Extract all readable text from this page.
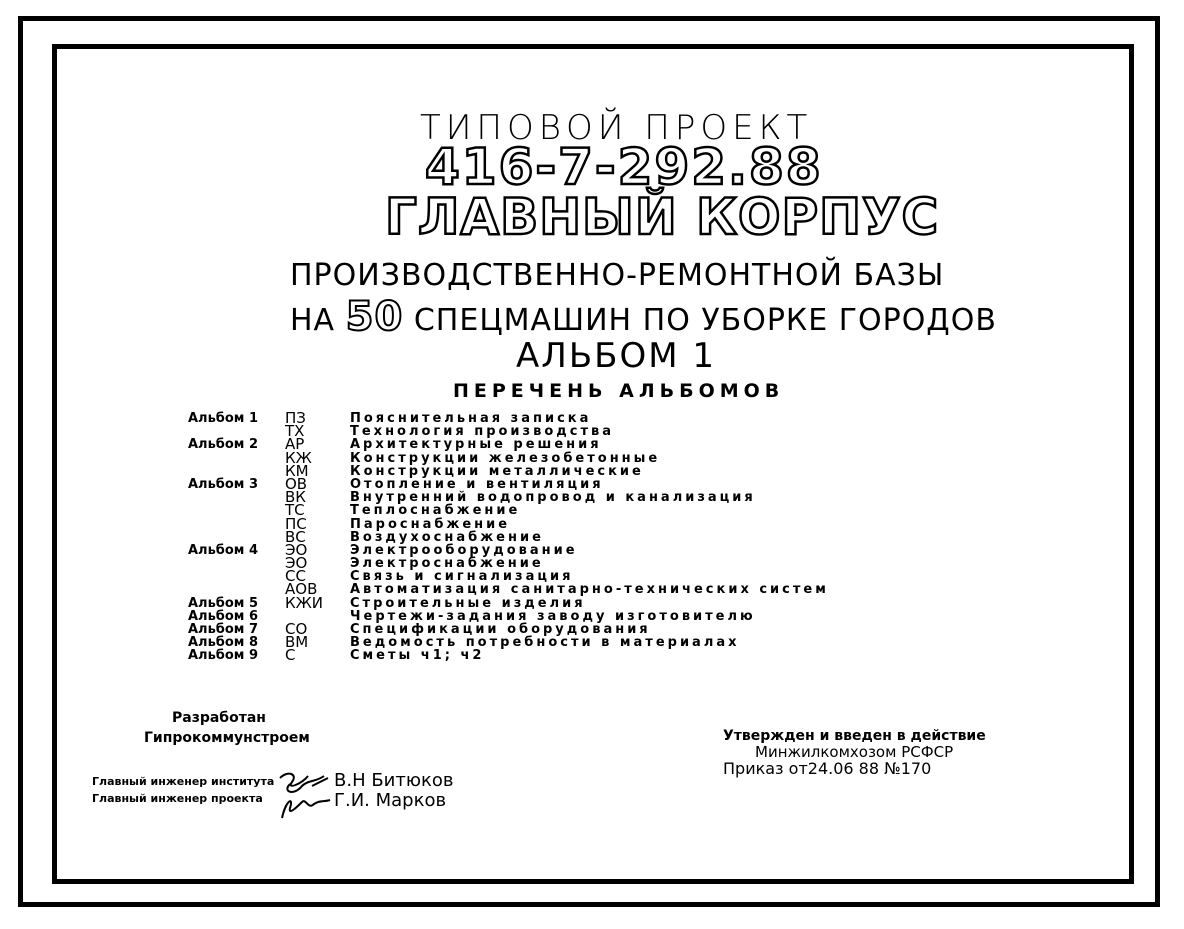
ТИПОВОЙ ПРОЕКТ
416-7-292.88
ГЛАВНЫЙ КОРПУС
ПРОИЗВОДСТВЕННО-РЕМОНТНОЙ БАЗЫ
НА 50 СПЕЦМАШИН ПО УБОРКЕ ГОРОДОВ
АЛЬБОМ 1
ПЕРЕЧЕНЬ АЛЬБОМОВ
Альбом 1 ПЗ	Пояснительная записка
ТХ	Технология производства
Альбом 2 АР	Архитектурные решения
КЖ	Конструкции железобетонные
КМ	Конструкции металлические
Альбом 3 ОВ	Отопление и вентиляция
ВК	Внутренний водопровод и канализация
ТС	Теплоснабжение
ПС	Пароснабжение
ВС	Воздухоснабжение
Альбом 4 ЭО	Электрооборудование
ЭО	Электроснабжение
СС	Связь и сигнализация
АОВ	Автоматизация санитарно-технических систем
Альбом 5 КЖИ Строительные изделия
Альбом 6	Чертежи-задания заводу изготовителю
Альбом 7 СО	Спецификации оборудования
Альбом 8 ВМ	Ведомость потребности в материалах
Альбом 9 С	Сметы ч1; ч2
Разработан
Гипрокоммунстроем
Главный инженер института
Главный инженер проекта
В.Н Битюков
Г.И. Марков
Утвержден и введен в действие
Минжилкомхозом РСФСР
Приказ от24.06 88 №170
